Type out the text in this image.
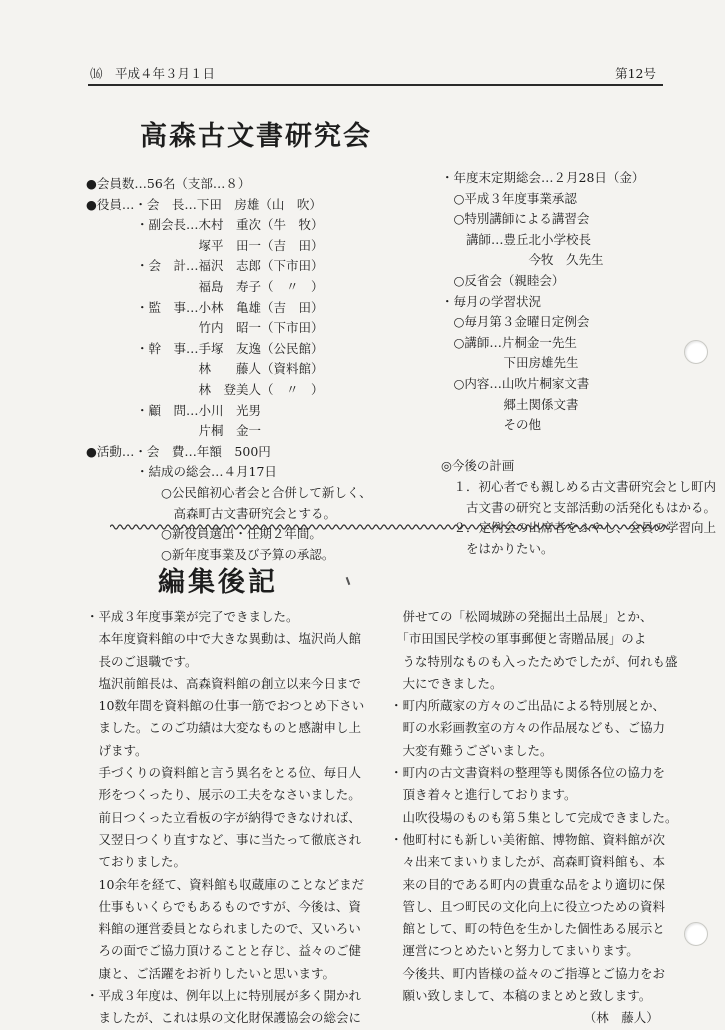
⒃　平成４年３月１日	第12号
高森古文書研究会
●会員数…56名（支部…８）
●役員…・会　長…下田　房雄（山　吹）
　　　　・副会長…木村　重次（牛　牧）
　　　　　　　　　塚平　田一（吉　田）
　　　　・会　計…福沢　志郎（下市田）
　　　　　　　　　福島　寿子（　〃　）
　　　　・監　事…小林　亀雄（吉　田）
　　　　　　　　　竹内　昭一（下市田）
　　　　・幹　事…手塚　友逸（公民館）
　　　　　　　　　林　　藤人（資料館）
　　　　　　　　　林　登美人（　〃　）
　　　　・顧　問…小川　光男
　　　　　　　　　片桐　金一
●活動…・会　費…年額　500円
　　　　・結成の総会…４月17日
　　　　　　○公民館初心者会と合併して新しく、
　　　　　　　高森町古文書研究会とする。
　　　　　　○新役員選出・任期２年間。
　　　　　　○新年度事業及び予算の承認。
・年度末定期総会…２月28日（金）
　○平成３年度事業承認
　○特別講師による講習会
　　講師…豊丘北小学校長
　　　　　　　今牧　久先生
　○反省会（親睦会）
・毎月の学習状況
　○毎月第３金曜日定例会
　○講師…片桐金一先生
　　　　　下田房雄先生
　○内容…山吹片桐家文書
　　　　　郷土関係文書
　　　　　その他
◎今後の計画
　１．初心者でも親しめる古文書研究会とし町内
　　古文書の研究と支部活動の活発化もはかる。
　２．定例会の出席者をふやし、会員の学習向上
　　をはかりたい。
編集後記
・平成３年度事業が完了できました。
　本年度資料館の中で大きな異動は、塩沢尚人館
　長のご退職です。
　塩沢前館長は、高森資料館の創立以来今日まで
　10数年間を資料館の仕事一筋でおつとめ下さい
　ました。このご功績は大変なものと感謝申し上
　げます。
　手づくりの資料館と言う異名をとる位、毎日人
　形をつくったり、展示の工夫をなさいました。
　前日つくった立看板の字が納得できなければ、
　又翌日つくり直すなど、事に当たって徹底され
　ておりました。
　10余年を経て、資料館も収蔵庫のことなどまだ
　仕事もいくらでもあるものですが、今後は、資
　料館の運営委員となられましたので、又いろい
　ろの面でご協力頂けることと存じ、益々のご健
　康と、ご活躍をお祈りしたいと思います。
・平成３年度は、例年以上に特別展が多く開かれ
　ましたが、これは県の文化財保護協会の総会に
　併せての「松岡城跡の発掘出土品展」とか、
　「市田国民学校の軍事郵便と寄贈品展」のよ
　うな特別なものも入ったためでしたが、何れも盛
　大にできました。
・町内所蔵家の方々のご出品による特別展とか、
　町の水彩画教室の方々の作品展なども、ご協力
　大変有難うございました。
・町内の古文書資料の整理等も関係各位の協力を
　頂き着々と進行しております。
　山吹役場のものも第５集として完成できました。
・他町村にも新しい美術館、博物館、資料館が次
　々出来てまいりましたが、高森町資料館も、本
　来の目的である町内の貴重な品をより適切に保
　管し、且つ町民の文化向上に役立つための資料
　館として、町の特色を生かした個性ある展示と
　運営につとめたいと努力してまいります。
　今後共、町内皆様の益々のご指導とご協力をお
　願い致しまして、本稿のまとめと致します。
　　　　　　　　　　　　　　　　（林　藤人）
